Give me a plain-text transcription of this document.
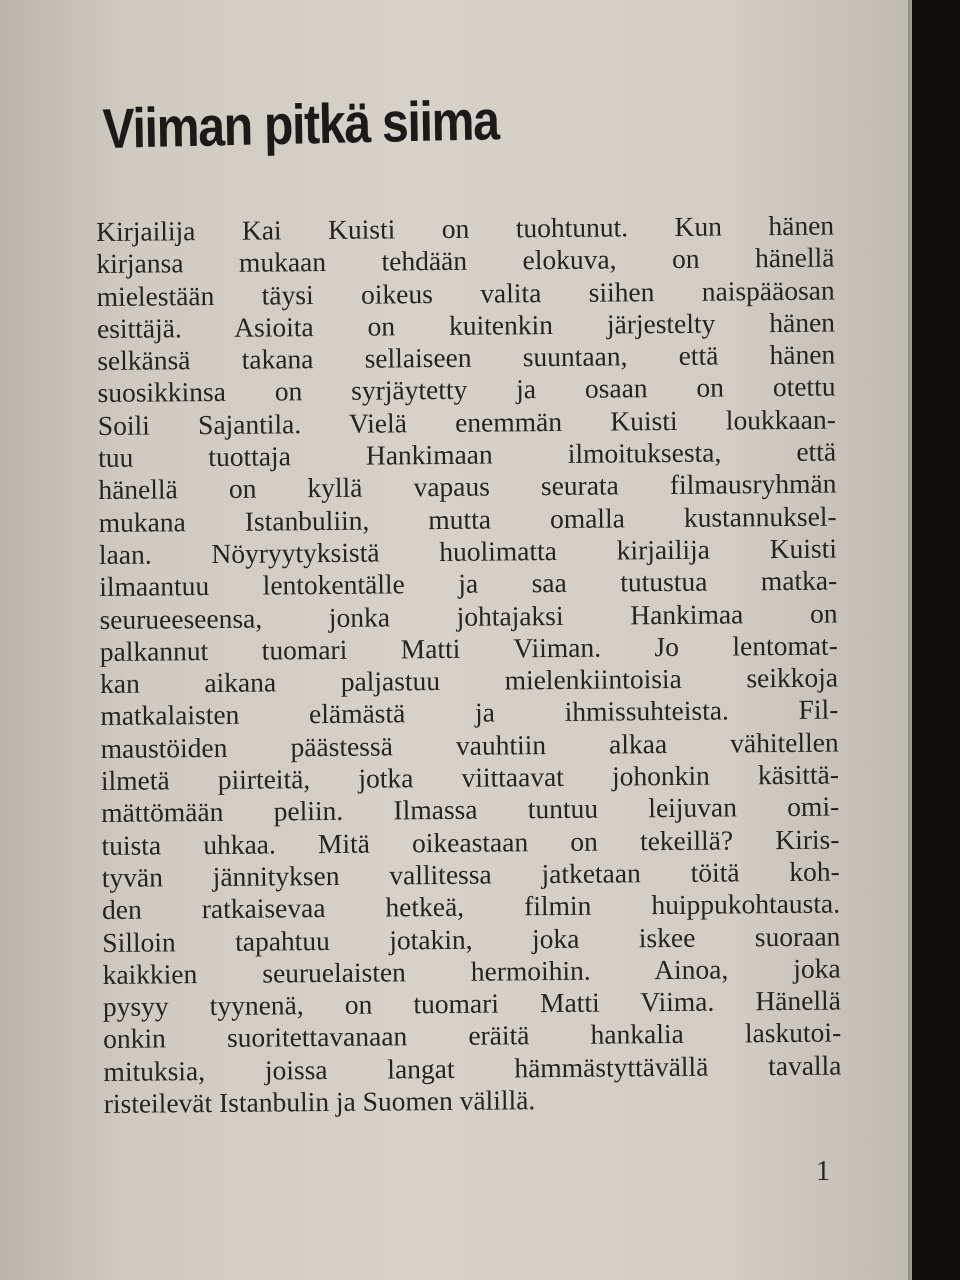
Viiman pitkä siima
Kirjailija Kai Kuisti on tuohtunut. Kun hänen
kirjansa mukaan tehdään elokuva, on hänellä
mielestään täysi oikeus valita siihen naispääosan
esittäjä. Asioita on kuitenkin järjestelty hänen
selkänsä takana sellaiseen suuntaan, että hänen
suosikkinsa on syrjäytetty ja osaan on otettu
Soili Sajantila. Vielä enemmän Kuisti loukkaan-
tuu tuottaja Hankimaan ilmoituksesta, että
hänellä on kyllä vapaus seurata filmausryhmän
mukana Istanbuliin, mutta omalla kustannuksel-
laan. Nöyryytyksistä huolimatta kirjailija Kuisti
ilmaantuu lentokentälle ja saa tutustua matka-
seurueeseensa, jonka johtajaksi Hankimaa on
palkannut tuomari Matti Viiman. Jo lentomat-
kan aikana paljastuu mielenkiintoisia seikkoja
matkalaisten elämästä ja ihmissuhteista. Fil-
maustöiden päästessä vauhtiin alkaa vähitellen
ilmetä piirteitä, jotka viittaavat johonkin käsittä-
mättömään peliin. Ilmassa tuntuu leijuvan omi-
tuista uhkaa. Mitä oikeastaan on tekeillä? Kiris-
tyvän jännityksen vallitessa jatketaan töitä koh-
den ratkaisevaa hetkeä, filmin huippukohtausta.
Silloin tapahtuu jotakin, joka iskee suoraan
kaikkien seuruelaisten hermoihin. Ainoa, joka
pysyy tyynenä, on tuomari Matti Viima. Hänellä
onkin suoritettavanaan eräitä hankalia laskutoi-
mituksia, joissa langat hämmästyttävällä tavalla
risteilevät Istanbulin ja Suomen välillä.
1
